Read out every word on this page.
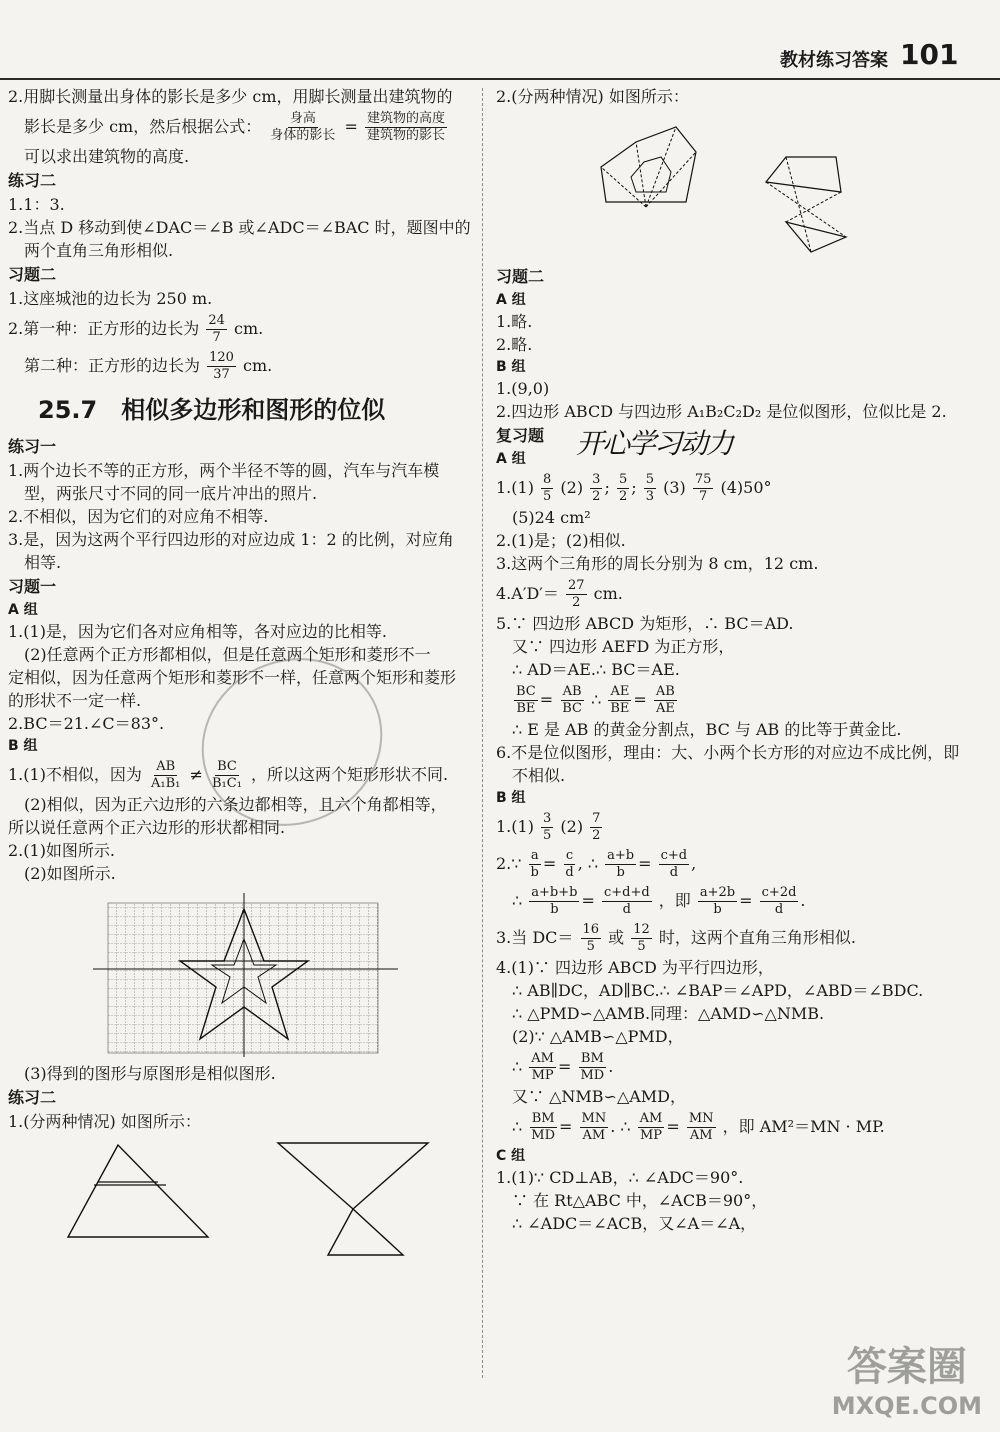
教材练习答案 101
2.用脚长测量出身体的影长是多少 cm，用脚长测量出建筑物的
影长是多少 cm，然后根据公式： $\frac{\text{身高}}{\text{身体的影长}} = \frac{\text{建筑物的高度}}{\text{建筑物的影长}}$
可以求出建筑物的高度.
练习二
1.1：3.
2.当点 D 移动到使∠DAC＝∠B 或∠ADC＝∠BAC 时，题图中的
两个直角三角形相似.
习题二
1.这座城池的边长为 250 m.
2.第一种：正方形的边长为 $\frac{24}{7}$ cm.
第二种：正方形的边长为 $\frac{120}{37}$ cm.
25.7　相似多边形和图形的位似
练习一
1.两个边长不等的正方形，两个半径不等的圆，汽车与汽车模
型，两张尺寸不同的同一底片冲出的照片.
2.不相似，因为它们的对应角不相等.
3.是，因为这两个平行四边形的对应边成 1：2 的比例，对应角
相等.
习题一
A 组
1.(1)是，因为它们各对应角相等，各对应边的比相等.
(2)任意两个正方形都相似，但是任意两个矩形和菱形不一
定相似，因为任意两个矩形和菱形不一样，任意两个矩形和菱形
的形状不一定一样.
2.BC＝21.∠C＝83°.
B 组
1.(1)不相似，因为 $\frac{AB}{\text{A₁B₁}} \ne \frac{BC}{\text{B₁C₁}}$ ，所以这两个矩形形状不同.
(2)相似，因为正六边形的六条边都相等，且六个角都相等，
所以说任意两个正六边形的形状都相同.
2.(1)如图所示.
(2)如图所示.
(3)得到的图形与原图形是相似图形.
练习二
1.(分两种情况) 如图所示：
2.(分两种情况) 如图所示：
习题二
A 组
1.略.
2.略.
B 组
1.(9,0)
2.四边形 ABCD 与四边形 A₁B₂C₂D₂ 是位似图形，位似比是 2.
复习题
A 组
$1.(1) \frac{8}{5} (2) \frac{3}{2}$ ; $\frac{5}{2}$ ; $\frac{5}{3} (3) \frac{75}{7} (4)50^\circ$
(5)24 cm²
2.(1)是；(2)相似.
3.这两个三角形的周长分别为 8 cm，12 cm.
$4.A'D'= \frac{27}{2}$ cm.
5.∵ 四边形 ABCD 为矩形，∴ BC＝AD.
又∵ 四边形 AEFD 为正方形，
∴ AD＝AE.∴ BC＝AE.
$\frac{BC}{BE} = \frac{AB}{BC}$ ∴ $\frac{AE}{BE} = \frac{AB}{AE}$
∴ E 是 AB 的黄金分割点，BC 与 AB 的比等于黄金比.
6.不是位似图形，理由：大、小两个长方形的对应边不成比例，即
不相似.
B 组
$1.(1) \frac{3}{5} (2) \frac{7}{2}$
2.∵ $\frac{a}{b} = \frac{c}{d}$ , ∴ $\frac{a+b}{b} = \frac{c+d}{d}$ ,
∴ $\frac{a+b+b}{b} = \frac{c+d+d}{d}$ ，即 $\frac{a+2b}{b} = \frac{c+2d}{d}$ .
3.当 $DC= \frac{16}{5}$ 或 $\frac{12}{5}$ 时，这两个直角三角形相似.
4.(1)∵ 四边形 ABCD 为平行四边形，
∴ AB∥DC，AD∥BC.∴ ∠BAP＝∠APD，∠ABD＝∠BDC.
∴ △PMD∽△AMB.同理：△AMD∽△NMB.
(2)∵ △AMB∽△PMD，
∴ $\frac{AM}{MP} = \frac{BM}{MD}$ .
又∵ △NMB∽△AMD，
∴ $\frac{BM}{MD} = \frac{MN}{AM}$ . ∴ $\frac{AM}{MP} = \frac{MN}{AM}$ ，即 AM²＝MN · MP.
C 组
1.(1)∵ CD⊥AB，∴ ∠ADC＝90°.
∵ 在 Rt△ABC 中，∠ACB＝90°，
∴ ∠ADC＝∠ACB，又∠A＝∠A，
开心学习动力
答案圈
MXQE.COM
